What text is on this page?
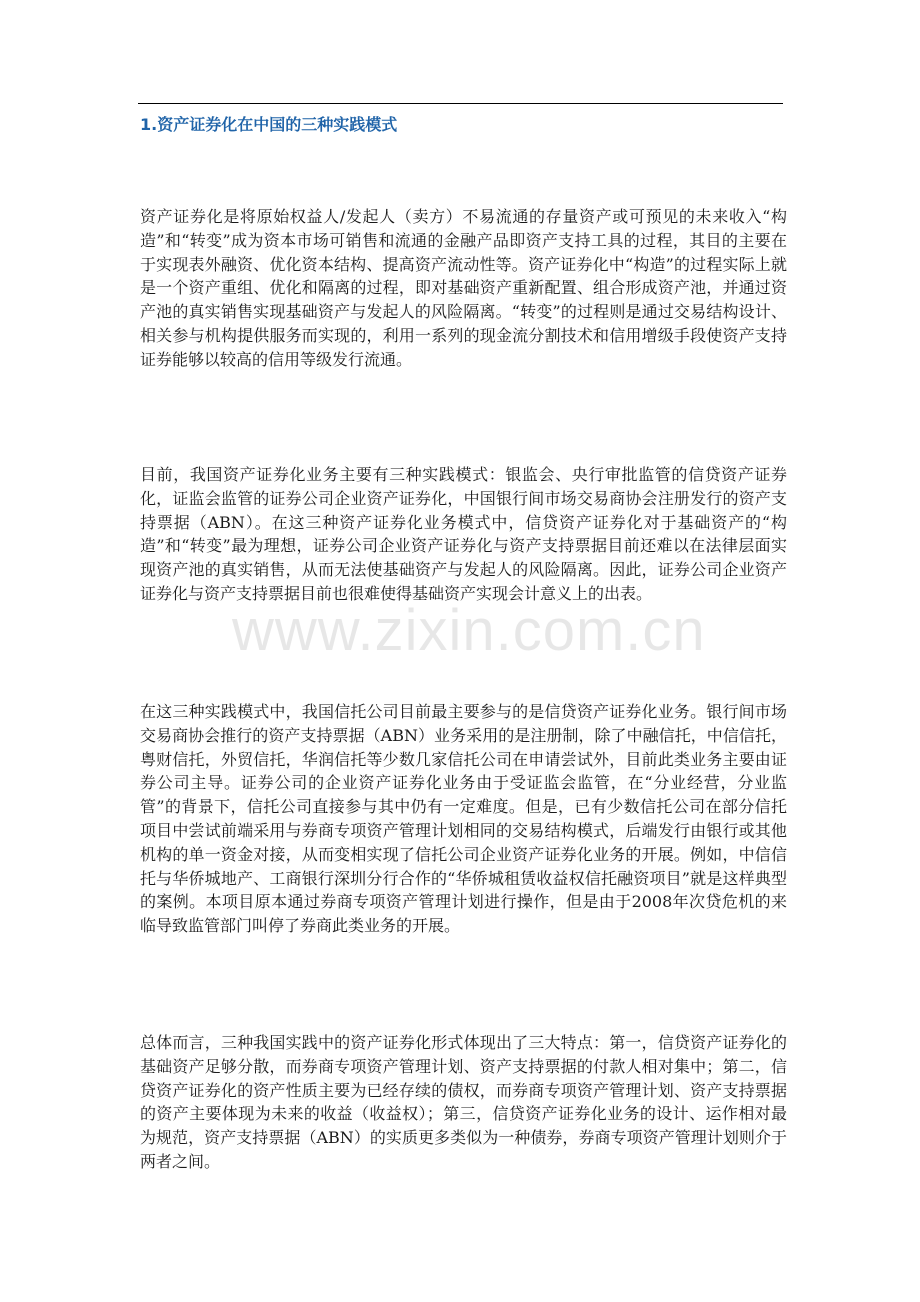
1.资产证券化在中国的三种实践模式

资产证券化是将原始权益人/发起人（卖方）不易流通的存量资产或可预见的未来收入“构造”和“转变”成为资本市场可销售和流通的金融产品即资产支持工具的过程，其目的主要在于实现表外融资、优化资本结构、提高资产流动性等。资产证券化中“构造”的过程实际上就是一个资产重组、优化和隔离的过程，即对基础资产重新配置、组合形成资产池，并通过资产池的真实销售实现基础资产与发起人的风险隔离。“转变”的过程则是通过交易结构设计、相关参与机构提供服务而实现的，利用一系列的现金流分割技术和信用增级手段使资产支持证券能够以较高的信用等级发行流通。

目前，我国资产证券化业务主要有三种实践模式：银监会、央行审批监管的信贷资产证券化，证监会监管的证券公司企业资产证券化，中国银行间市场交易商协会注册发行的资产支持票据（ABN）。在这三种资产证券化业务模式中，信贷资产证券化对于基础资产的“构造”和“转变”最为理想，证券公司企业资产证券化与资产支持票据目前还难以在法律层面实现资产池的真实销售，从而无法使基础资产与发起人的风险隔离。因此，证券公司企业资产证券化与资产支持票据目前也很难使得基础资产实现会计意义上的出表。

在这三种实践模式中，我国信托公司目前最主要参与的是信贷资产证券化业务。银行间市场交易商协会推行的资产支持票据（ABN）业务采用的是注册制，除了中融信托，中信信托，粤财信托，外贸信托，华润信托等少数几家信托公司在申请尝试外，目前此类业务主要由证券公司主导。证券公司的企业资产证券化业务由于受证监会监管，在“分业经营，分业监管”的背景下，信托公司直接参与其中仍有一定难度。但是，已有少数信托公司在部分信托项目中尝试前端采用与券商专项资产管理计划相同的交易结构模式，后端发行由银行或其他机构的单一资金对接，从而变相实现了信托公司企业资产证券化业务的开展。例如，中信信托与华侨城地产、工商银行深圳分行合作的“华侨城租赁收益权信托融资项目”就是这样典型的案例。本项目原本通过券商专项资产管理计划进行操作，但是由于2008年次贷危机的来临导致监管部门叫停了券商此类业务的开展。

总体而言，三种我国实践中的资产证券化形式体现出了三大特点：第一，信贷资产证券化的基础资产足够分散，而券商专项资产管理计划、资产支持票据的付款人相对集中；第二，信贷资产证券化的资产性质主要为已经存续的债权，而券商专项资产管理计划、资产支持票据的资产主要体现为未来的收益（收益权）；第三，信贷资产证券化业务的设计、运作相对最为规范，资产支持票据（ABN）的实质更多类似为一种债券，券商专项资产管理计划则介于两者之间。

www.zixin.com.cn
